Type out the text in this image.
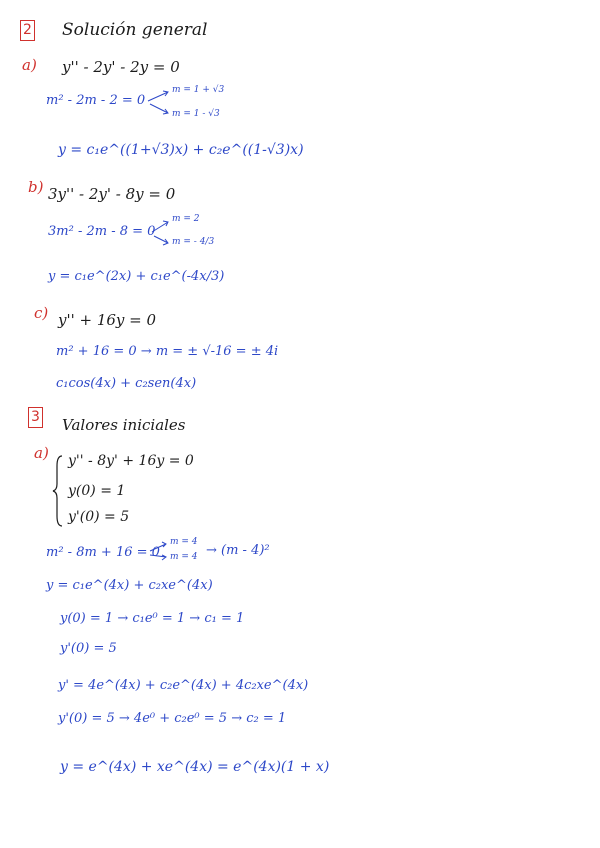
2 Solución general
a) y'' - 2y' - 2y = 0
m² - 2m - 2 = 0
m = 1 + √3
m = 1 - √3
y = c₁e^((1+√3)x) + c₂e^((1-√3)x)
b) 3y'' - 2y' - 8y = 0
3m² - 2m - 8 = 0
m = 2
m = - 4/3
y = c₁e^(2x) + c₁e^(-4x/3)
c) y'' + 16y = 0
m² + 16 = 0 → m = ± √-16 = ± 4i
c₁cos(4x) + c₂sen(4x)
3 Valores iniciales
a) y'' - 8y' + 16y = 0
y(0) = 1
y'(0) = 5
m² - 8m + 16 = 0
m = 4
m = 4 → (m - 4)²
y = c₁e^(4x) + c₂xe^(4x)
y(0) = 1 → c₁e⁰ = 1 → c₁ = 1
y'(0) = 5
y' = 4e^(4x) + c₂e^(4x) + 4c₂xe^(4x)
y'(0) = 5 → 4e⁰ + c₂e⁰ = 5 → c₂ = 1
y = e^(4x) + xe^(4x) = e^(4x)(1 + x)
